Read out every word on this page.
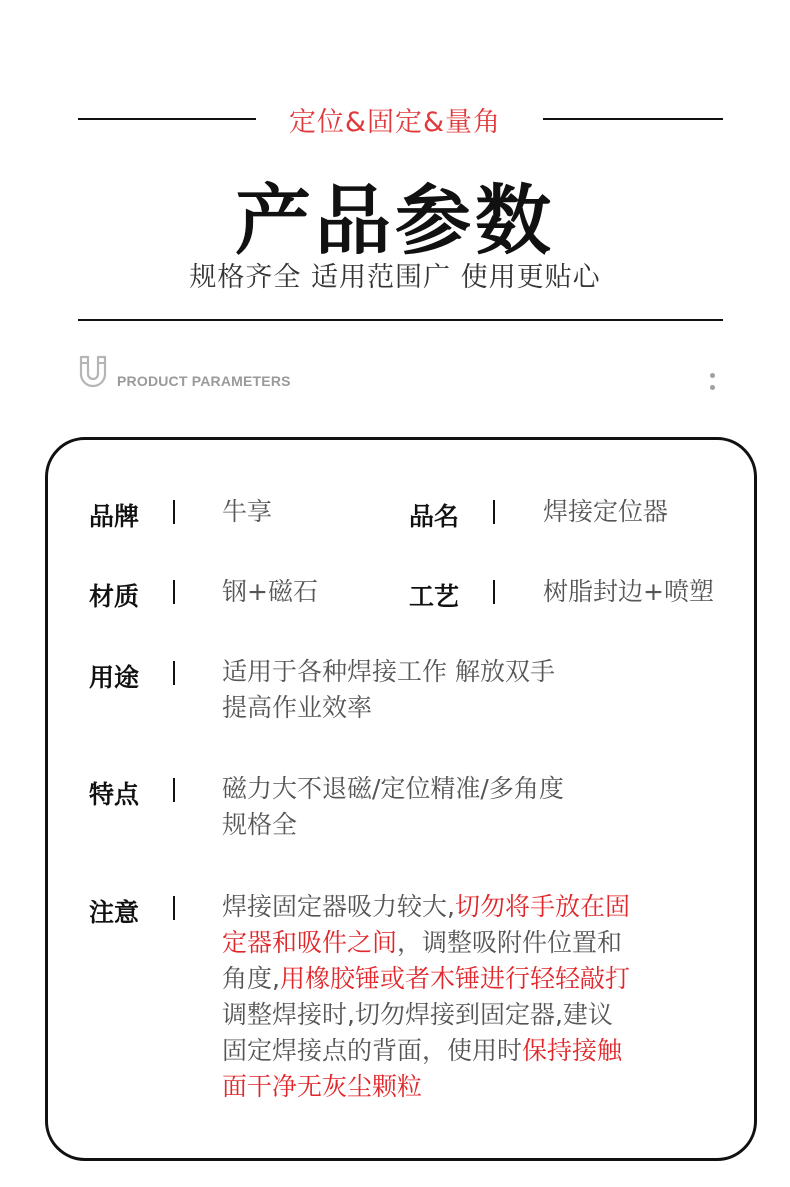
定位&固定&量角
产品参数
规格齐全 适用范围广 使用更贴心
PRODUCT PARAMETERS
品牌	牛享	品名	焊接定位器
材质	钢+磁石	工艺	树脂封边+喷塑
用途	适用于各种焊接工作 解放双手
提高作业效率
特点	磁力大不退磁/定位精准/多角度
规格全
注意	焊接固定器吸力较大,切勿将手放在固
定器和吸件之间，调整吸附件位置和
角度,用橡胶锤或者木锤进行轻轻敲打
调整焊接时,切勿焊接到固定器,建议
固定焊接点的背面，使用时保持接触
面干净无灰尘颗粒
